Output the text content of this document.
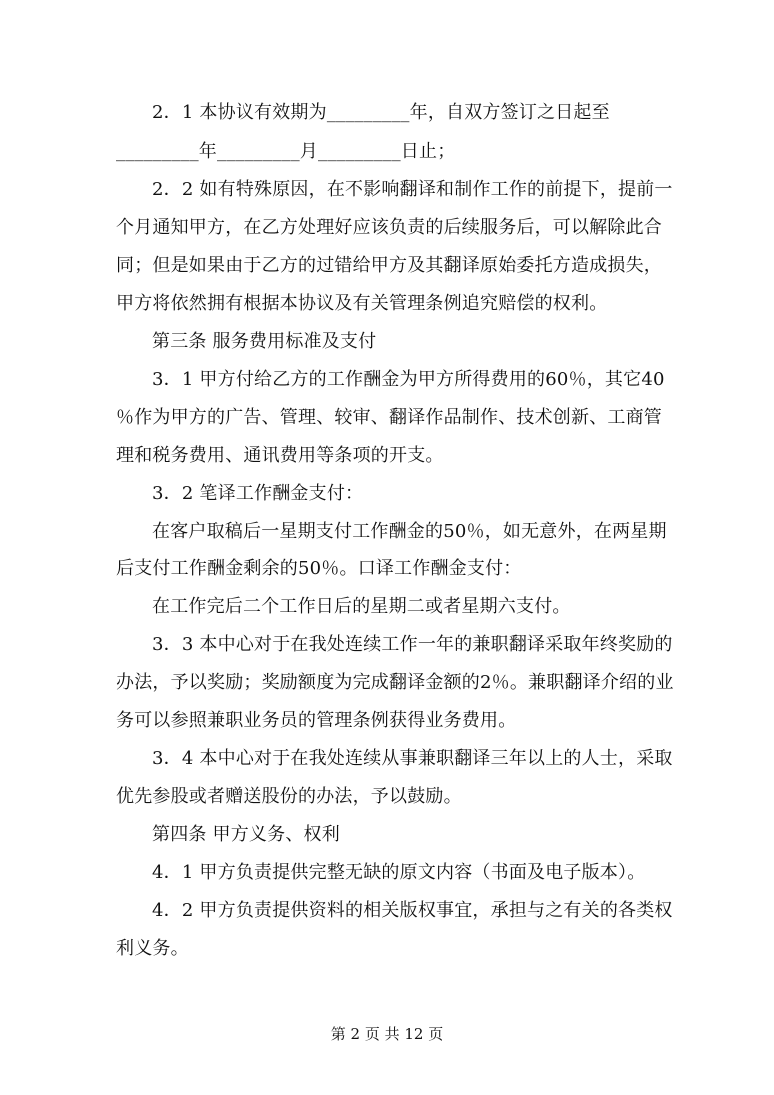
2．1 本协议有效期为_________年，自双方签订之日起至
_________年_________月_________日止；
2．2 如有特殊原因，在不影响翻译和制作工作的前提下，提前一
个月通知甲方，在乙方处理好应该负责的后续服务后，可以解除此合
同；但是如果由于乙方的过错给甲方及其翻译原始委托方造成损失，
甲方将依然拥有根据本协议及有关管理条例追究赔偿的权利。
第三条 服务费用标准及支付
3．1 甲方付给乙方的工作酬金为甲方所得费用的60％，其它40
％作为甲方的广告、管理、较审、翻译作品制作、技术创新、工商管
理和税务费用、通讯费用等条项的开支。
3．2 笔译工作酬金支付：
在客户取稿后一星期支付工作酬金的50％，如无意外，在两星期
后支付工作酬金剩余的50％。口译工作酬金支付：
在工作完后二个工作日后的星期二或者星期六支付。
3．3 本中心对于在我处连续工作一年的兼职翻译采取年终奖励的
办法，予以奖励；奖励额度为完成翻译金额的2％。兼职翻译介绍的业
务可以参照兼职业务员的管理条例获得业务费用。
3．4 本中心对于在我处连续从事兼职翻译三年以上的人士，采取
优先参股或者赠送股份的办法，予以鼓励。
第四条 甲方义务、权利
4．1 甲方负责提供完整无缺的原文内容（书面及电子版本）。
4．2 甲方负责提供资料的相关版权事宜，承担与之有关的各类权
利义务。
第 2 页 共 12 页
